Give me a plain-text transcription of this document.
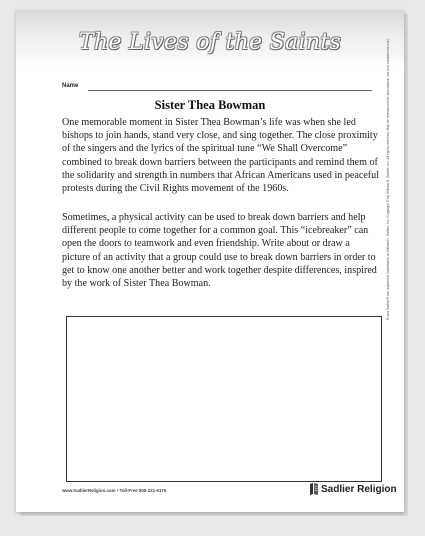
The Lives of the Saints
Name
Sister Thea Bowman

One memorable moment in Sister Thea Bowman’s life was when she led bishops to join hands, stand very close, and sing together. The close proximity of the singers and the lyrics of the spiritual tune “We Shall Overcome” combined to break down barriers between the participants and remind them of the solidarity and strength in numbers that African Americans used in peaceful protests during the Civil Rights movement of the 1960s.

Sometimes, a physical activity can be used to break down barriers and help different people to come together for a common goal. This “icebreaker” can open the doors to teamwork and even friendship. Write about or draw a picture of an activity that a group could use to break down barriers in order to get to know one another better and work together despite differences, inspired by the work of Sister Thea Bowman.	® and Sadlier® are registered trademarks of William H. Sadlier, Inc. Copyright © by William H. Sadlier, Inc. All rights reserved. May be reproduced for educational use (not commercial use).
www.SadlierReligion.com • Toll-Free 800-221-5175	Sadlier Religion
